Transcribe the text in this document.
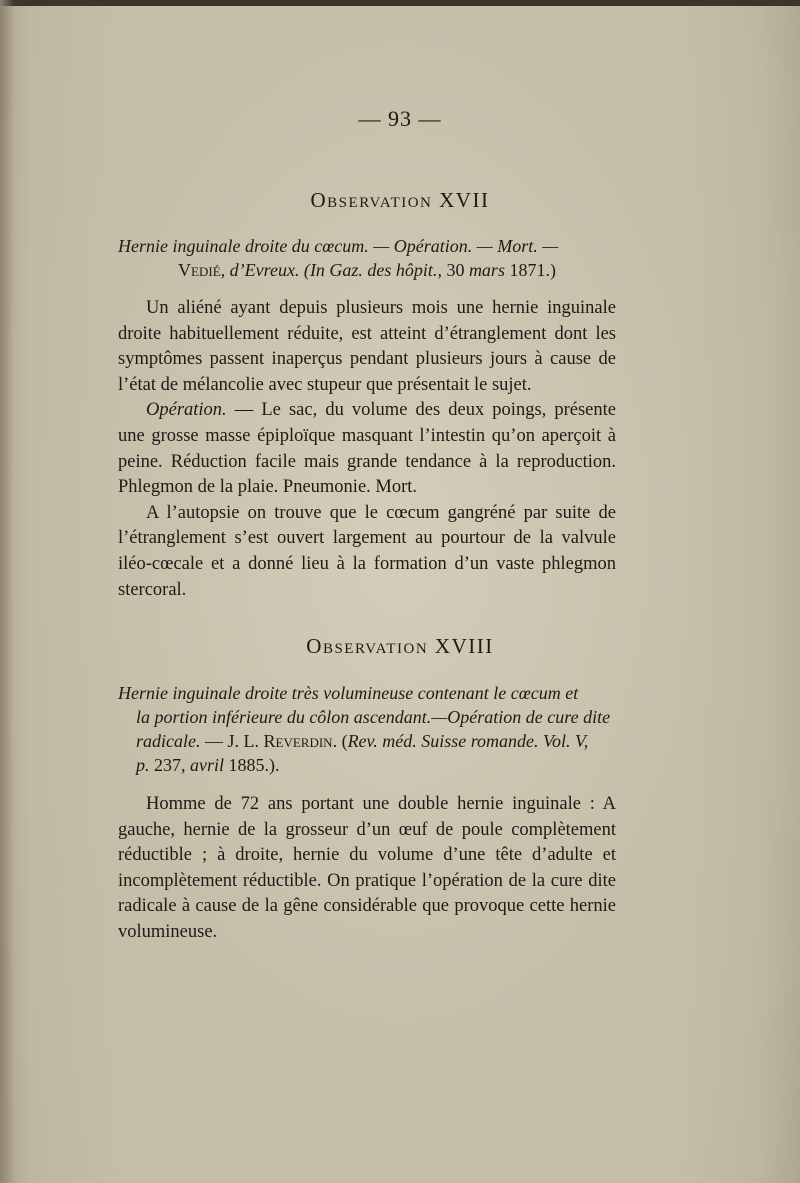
— 93 —
Observation XVII
Hernie inguinale droite du cœcum. — Opération. — Mort. —
Vedié, d’Evreux. (In Gaz. des hôpit., 30 mars 1871.)

Un aliéné ayant depuis plusieurs mois une hernie inguinale droite habituellement réduite, est atteint d’étranglement dont les symptômes passent inaperçus pendant plusieurs jours à cause de l’état de mélancolie avec stupeur que présentait le sujet.

Opération. — Le sac, du volume des deux poings, présente une grosse masse épiploïque masquant l’intestin qu’on aperçoit à peine. Réduction facile mais grande tendance à la reproduction. Phlegmon de la plaie. Pneumonie. Mort.

A l’autopsie on trouve que le cœcum gangréné par suite de l’étranglement s’est ouvert largement au pourtour de la valvule iléo-cœcale et a donné lieu à la formation d’un vaste phlegmon stercoral.

Observation XVIII
Hernie inguinale droite très volumineuse contenant le cœcum et
la portion inférieure du côlon ascendant.—Opération de cure dite
radicale. — J. L. Reverdin. (Rev. méd. Suisse romande. Vol. V,
p. 237, avril 1885.).

Homme de 72 ans portant une double hernie inguinale : A gauche, hernie de la grosseur d’un œuf de poule complètement réductible ; à droite, hernie du volume d’une tête d’adulte et incomplètement réductible. On pratique l’opération de la cure dite radicale à cause de la gêne considérable que provoque cette hernie volumineuse.
